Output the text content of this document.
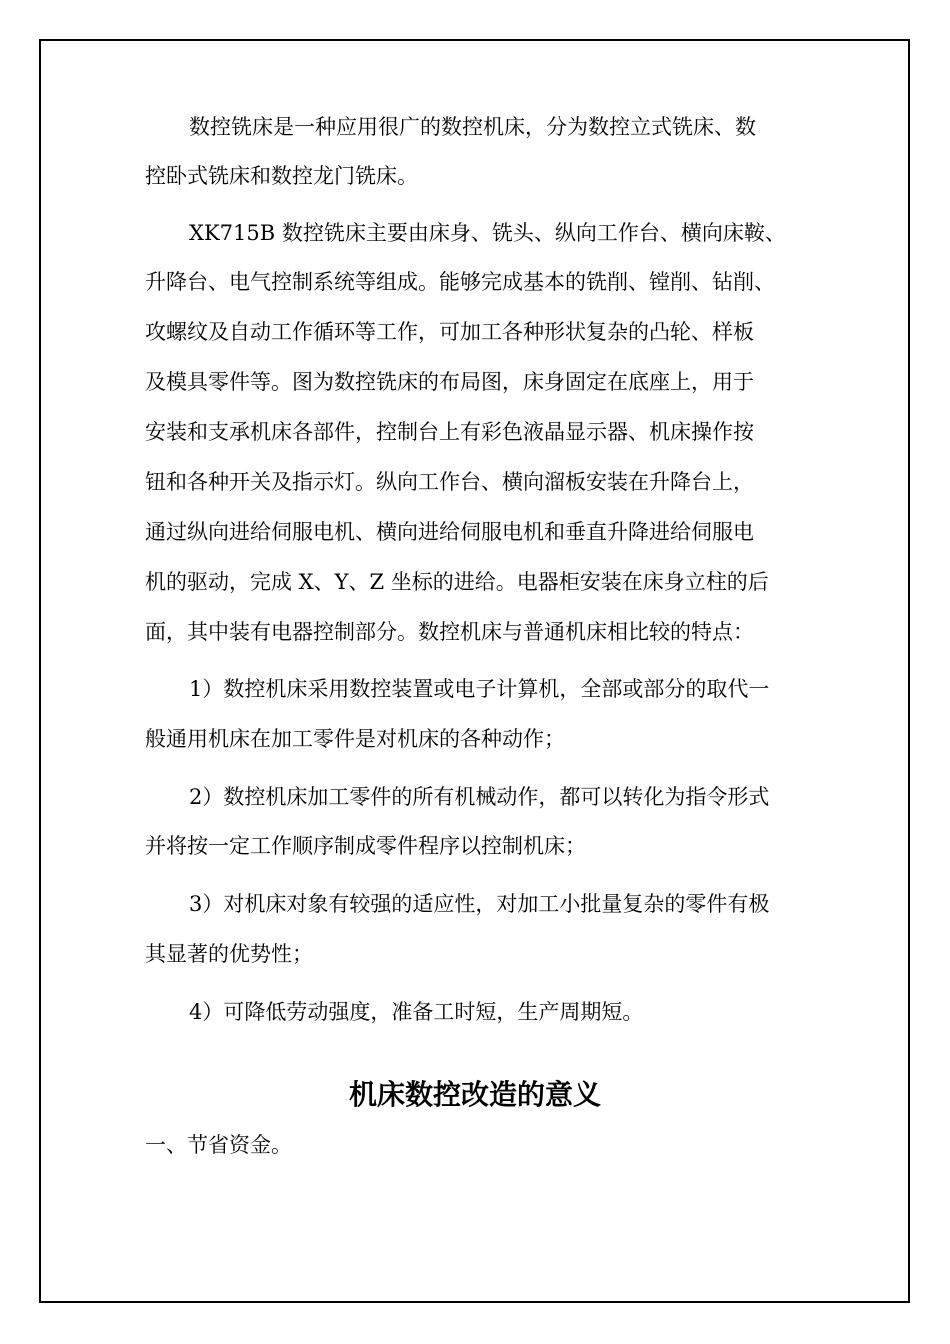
数控铣床是一种应用很广的数控机床，分为数控立式铣床、数
控卧式铣床和数控龙门铣床。
XK715B 数控铣床主要由床身、铣头、纵向工作台、横向床鞍、
升降台、电气控制系统等组成。能够完成基本的铣削、镗削、钻削、
攻螺纹及自动工作循环等工作，可加工各种形状复杂的凸轮、样板
及模具零件等。图为数控铣床的布局图，床身固定在底座上，用于
安装和支承机床各部件，控制台上有彩色液晶显示器、机床操作按
钮和各种开关及指示灯。纵向工作台、横向溜板安装在升降台上，
通过纵向进给伺服电机、横向进给伺服电机和垂直升降进给伺服电
机的驱动，完成 X、Y、Z 坐标的进给。电器柜安装在床身立柱的后
面，其中装有电器控制部分。数控机床与普通机床相比较的特点：
1）数控机床采用数控装置或电子计算机，全部或部分的取代一
般通用机床在加工零件是对机床的各种动作；
2）数控机床加工零件的所有机械动作，都可以转化为指令形式
并将按一定工作顺序制成零件程序以控制机床；
3）对机床对象有较强的适应性，对加工小批量复杂的零件有极
其显著的优势性；
4）可降低劳动强度，准备工时短，生产周期短。
机床数控改造的意义
一、节省资金。
